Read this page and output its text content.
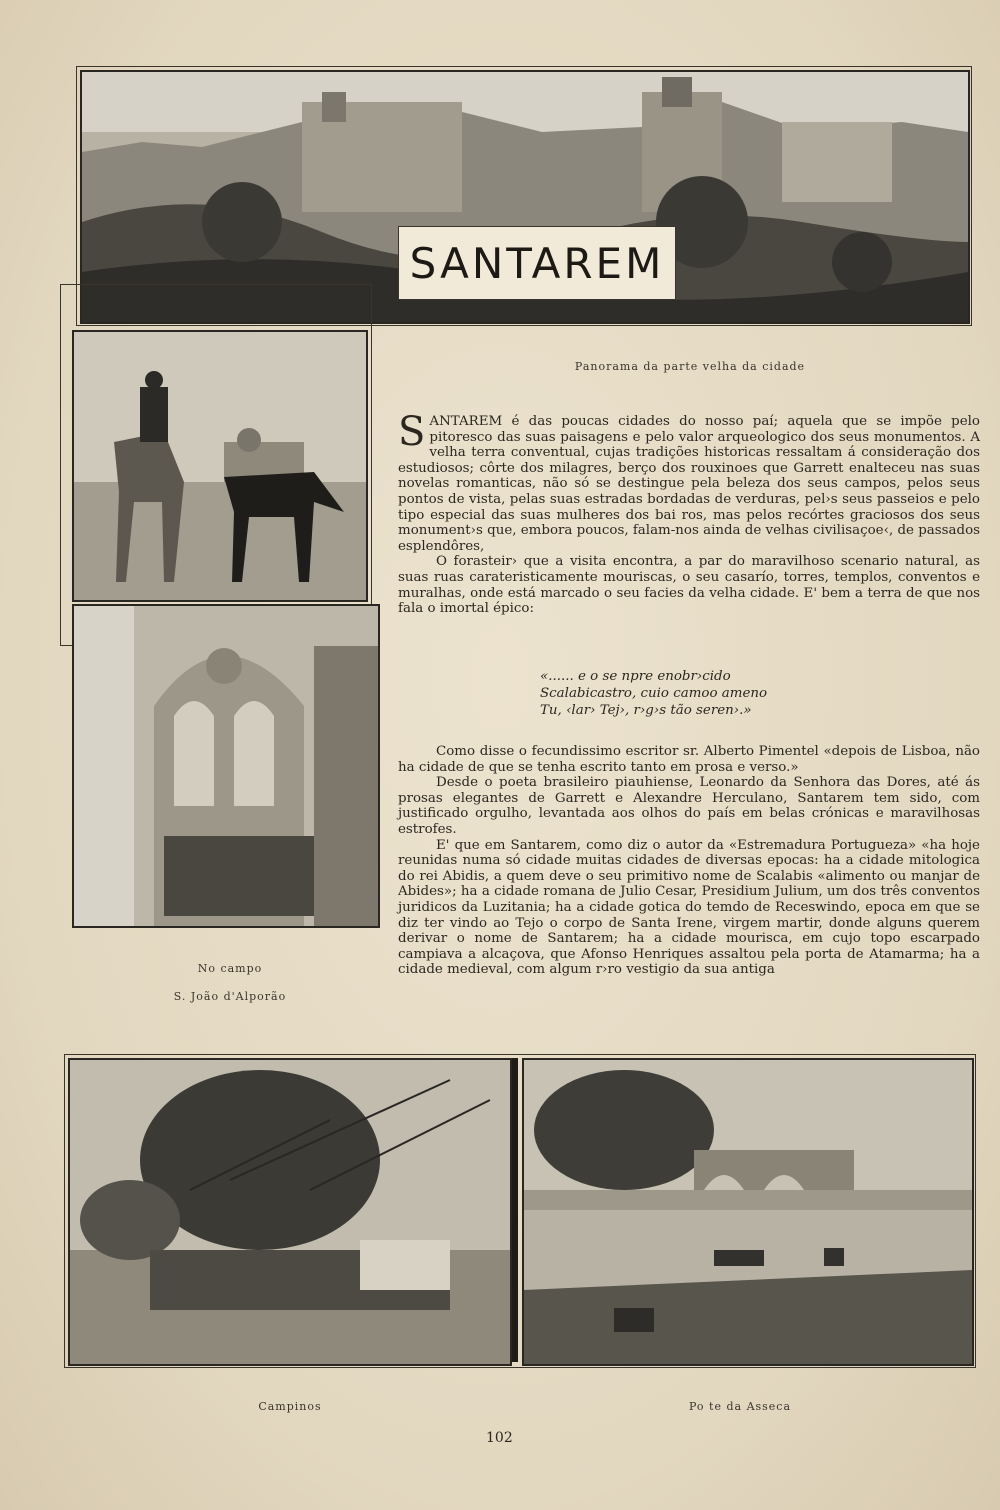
SANTAREM
Panorama da parte velha da cidade
No campo
S. João d'Alporão

SANTAREM é das poucas cidades do nosso paí; aquela que se impõe pelo pitoresco das suas paisagens e pelo valor arqueologico dos seus monumentos. A velha terra conventual, cujas tradições historicas ressaltam á consideração dos estudiosos; côrte dos milagres, berço dos rouxinoes que Garrett enalteceu nas suas novelas romanticas, não só se destingue pela beleza dos seus campos, pelos seus pontos de vista, pelas suas estradas bordadas de verduras, pel›s seus passeios e pelo tipo especial das suas mulheres dos bai ros, mas pelos recórtes graciosos dos seus monument›s que, embora poucos, falam-nos ainda de velhas civilisaçoe‹, de passados esplendôres,

O forasteir› que a visita encontra, a par do maravilhoso scenario natural, as suas ruas carateristicamente mouriscas, o seu casarío, torres, templos, conventos e muralhas, onde está marcado o seu facies da velha cidade. E' bem a terra de que nos fala o imortal épico:

«...... e o se npre enobr›cido
Scalabicastro, cuio camoo ameno
Tu, ‹lar› Tej›, r›g›s tão seren›.»

Como disse o fecundissimo escritor sr. Alberto Pimentel «depois de Lisboa, não ha cidade de que se tenha escrito tanto em prosa e verso.»

Desde o poeta brasileiro piauhiense, Leonardo da Senhora das Dores, até ás prosas elegantes de Garrett e Alexandre Herculano, Santarem tem sido, com justificado orgulho, levantada aos olhos do país em belas crónicas e maravilhosas estrofes.

E' que em Santarem, como diz o autor da «Estremadura Portugueza» «ha hoje reunidas numa só cidade muitas cidades de diversas epocas: ha a cidade mitologica do rei Abidis, a quem deve o seu primitivo nome de Scalabis «alimento ou manjar de Abides»; ha a cidade romana de Julio Cesar, Presidium Julium, um dos três conventos juridicos da Luzitania; ha a cidade gotica do temdo de Receswindo, epoca em que se diz ter vindo ao Tejo o corpo de Santa Irene, virgem martir, donde alguns querem derivar o nome de Santarem; ha a cidade mourisca, em cujo topo escarpado campiava a alcaçova, que Afonso Henriques assaltou pela porta de Atamarma; ha a cidade medieval, com algum r›ro vestigio da sua antiga

Campinos	Po te da Asseca
102
